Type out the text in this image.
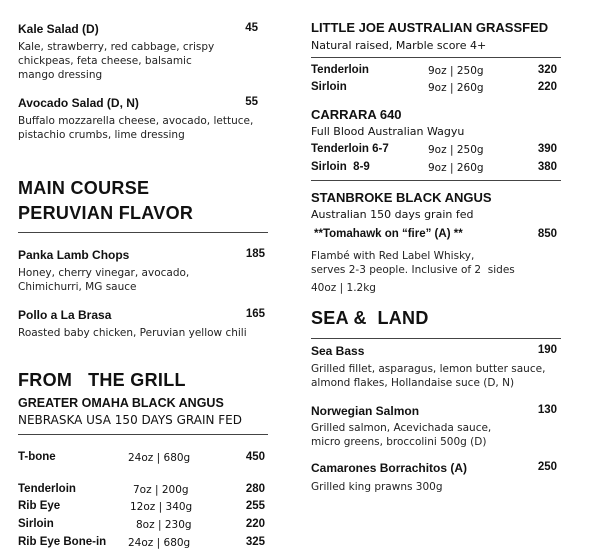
Kale Salad (D)	45
Kale, strawberry, red cabbage, crispy
chickpeas, feta cheese, balsamic
mango dressing
Avocado Salad (D, N)	55
Buffalo mozzarella cheese, avocado, lettuce,
pistachio crumbs, lime dressing
MAIN COURSE
PERUVIAN FLAVOR
Panka Lamb Chops	185
Honey, cherry vinegar, avocado,
Chimichurri, MG sauce
Pollo a La Brasa	165
Roasted baby chicken, Peruvian yellow chili
FROM   THE GRILL
GREATER OMAHA BLACK ANGUS
NEBRASKA USA 150 DAYS GRAIN FED
T-bone	24oz | 680g	450
Tenderloin	7oz | 200g	280
Rib Eye	12oz | 340g	255
Sirloin	8oz | 230g	220
Rib Eye Bone-in 24oz | 680g	325
LITTLE JOE AUSTRALIAN GRASSFED
Natural raised, Marble score 4+
Tenderloin	9oz | 250g	320
Sirloin	9oz | 260g	220
CARRARA 640
Full Blood Australian Wagyu
Tenderloin 6-7	9oz | 250g	390
Sirloin  8-9	9oz | 260g	380
STANBROKE BLACK ANGUS
Australian 150 days grain fed
**Tomahawk on “fire” (A) **	850
Flambé with Red Label Whisky,
serves 2-3 people. Inclusive of 2  sides
40oz | 1.2kg
SEA &  LAND
Sea Bass	190
Grilled fillet, asparagus, lemon butter sauce,
almond flakes, Hollandaise suce (D, N)
Norwegian Salmon	130
Grilled salmon, Acevichada sauce,
micro greens, broccolini 500g (D)
Camarones Borrachitos (A)	250
Grilled king prawns 300g
